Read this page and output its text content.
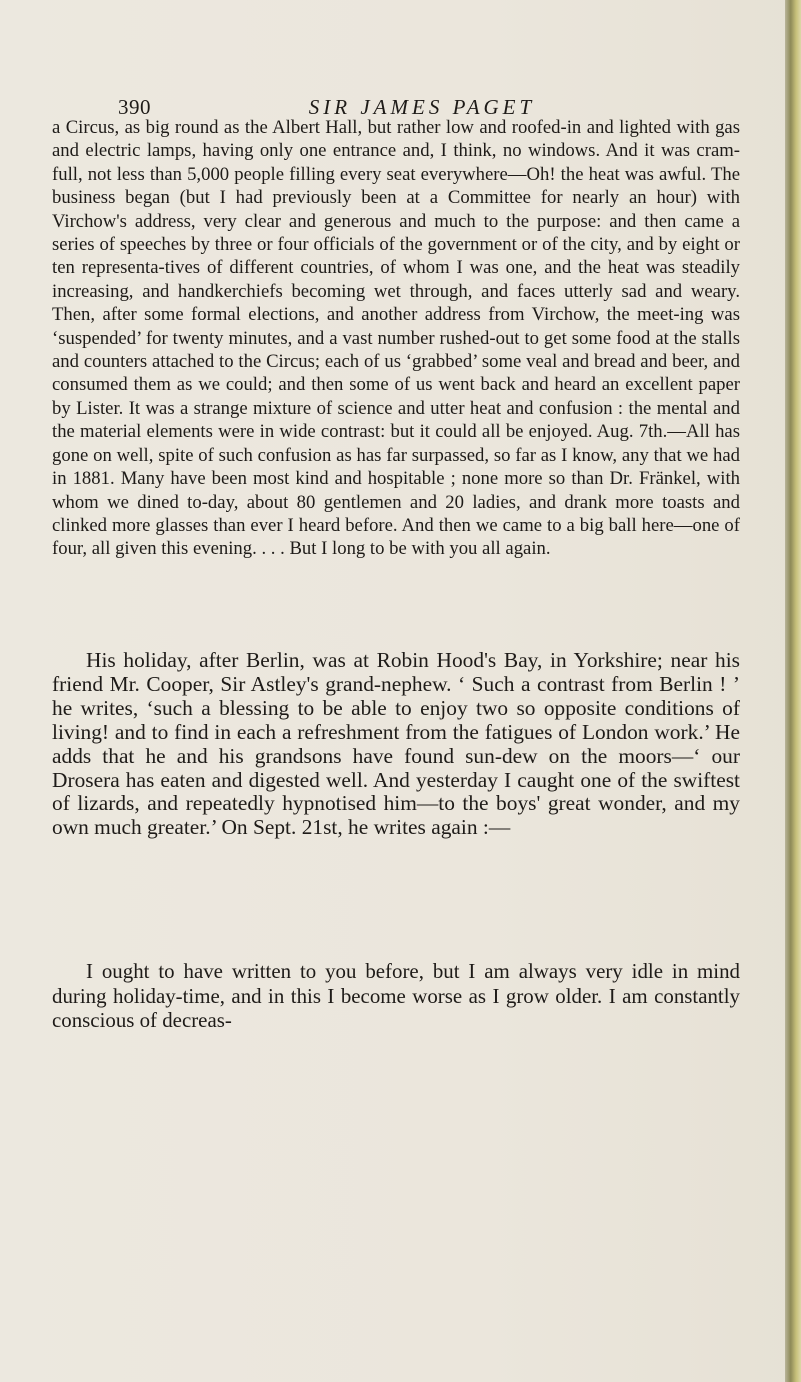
390	SIR JAMES PAGET

a Circus, as big round as the Albert Hall, but rather low and roofed-in and lighted with gas and electric lamps, having only one entrance and, I think, no windows. And it was cram-full, not less than 5,000 people filling every seat everywhere—Oh! the heat was awful. The business began (but I had previously been at a Committee for nearly an hour) with Virchow's address, very clear and generous and much to the purpose: and then came a series of speeches by three or four officials of the government or of the city, and by eight or ten representa-tives of different countries, of whom I was one, and the heat was steadily increasing, and handkerchiefs becoming wet through, and faces utterly sad and weary. Then, after some formal elections, and another address from Virchow, the meet-ing was ‘suspended’ for twenty minutes, and a vast number rushed-out to get some food at the stalls and counters attached to the Circus; each of us ‘grabbed’ some veal and bread and beer, and consumed them as we could; and then some of us went back and heard an excellent paper by Lister. It was a strange mixture of science and utter heat and confusion : the mental and the material elements were in wide contrast: but it could all be enjoyed. Aug. 7th.—All has gone on well, spite of such confusion as has far surpassed, so far as I know, any that we had in 1881. Many have been most kind and hospitable ; none more so than Dr. Fränkel, with whom we dined to-day, about 80 gentlemen and 20 ladies, and drank more toasts and clinked more glasses than ever I heard before. And then we came to a big ball here—one of four, all given this evening. . . . But I long to be with you all again.

His holiday, after Berlin, was at Robin Hood's Bay, in Yorkshire; near his friend Mr. Cooper, Sir Astley's grand-nephew. ‘ Such a contrast from Berlin ! ’ he writes, ‘such a blessing to be able to enjoy two so opposite conditions of living! and to find in each a refreshment from the fatigues of London work.’ He adds that he and his grandsons have found sun-dew on the moors—‘ our Drosera has eaten and digested well. And yesterday I caught one of the swiftest of lizards, and repeatedly hypnotised him—to the boys' great wonder, and my own much greater.’ On Sept. 21st, he writes again :—

I ought to have written to you before, but I am always very idle in mind during holiday-time, and in this I become worse as I grow older. I am constantly conscious of decreas-
